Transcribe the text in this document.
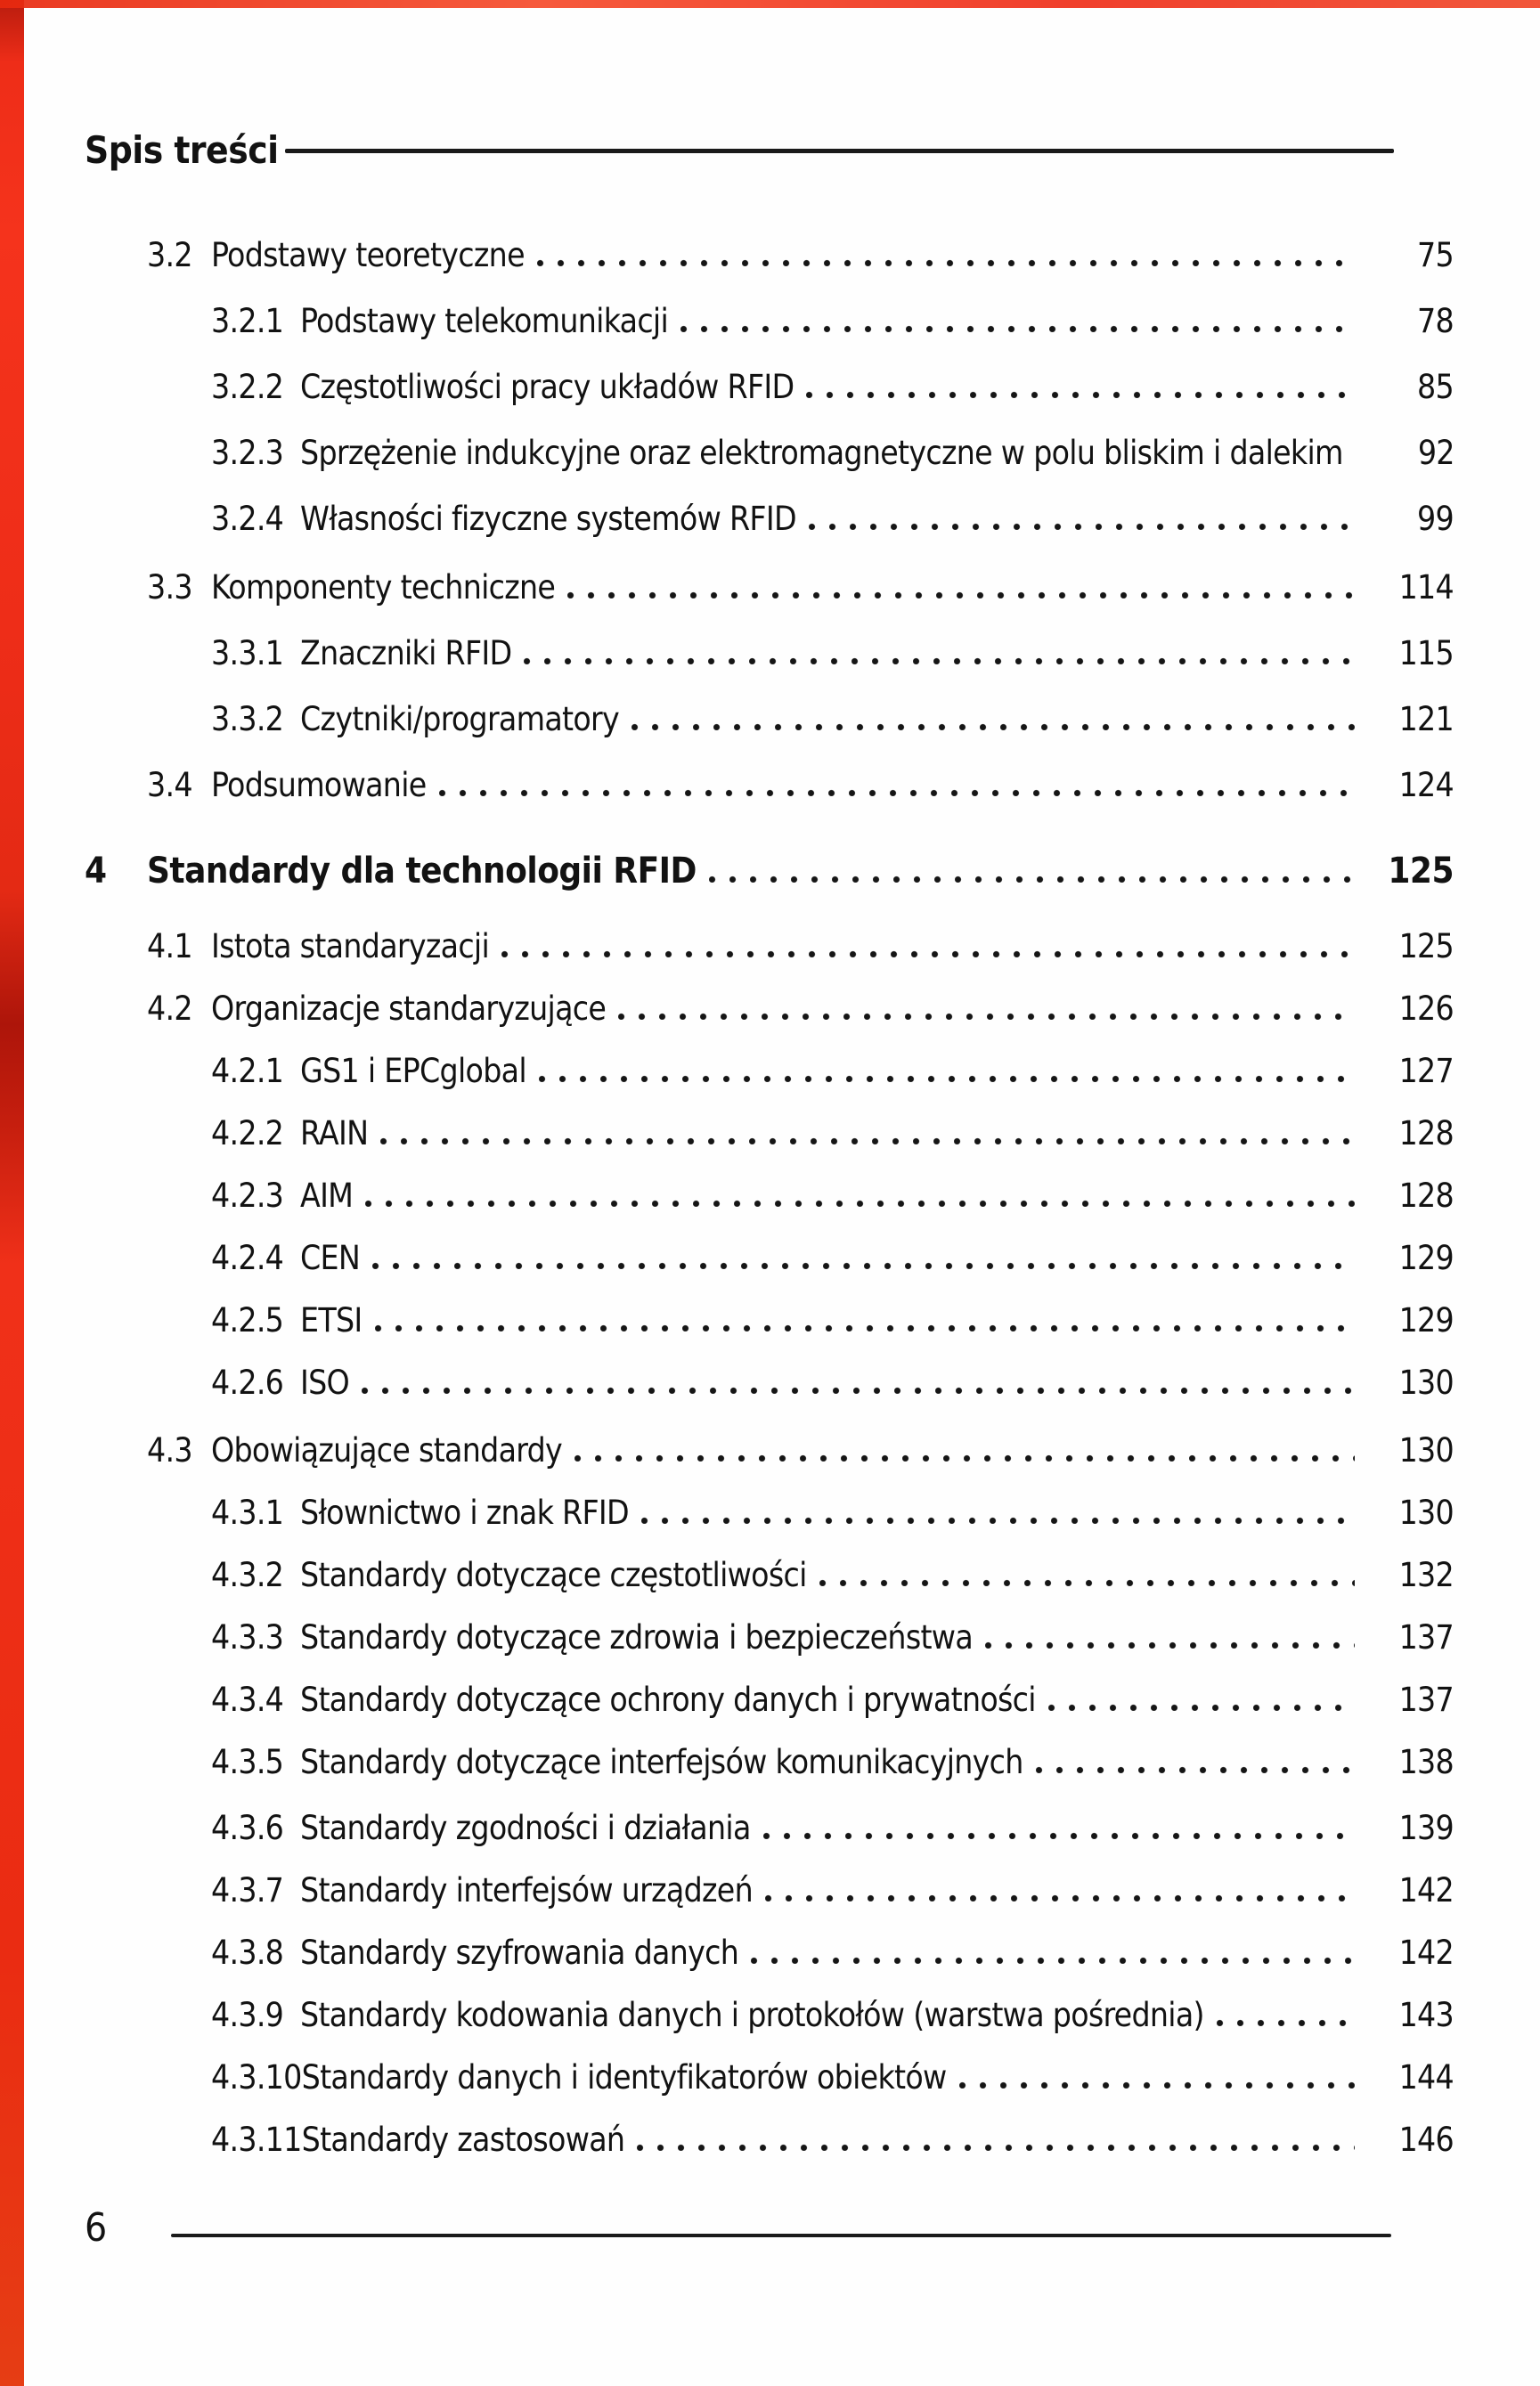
Spis treści
3.2 Podstawy teoretyczne	75
3.2.1 Podstawy telekomunikacji	78
3.2.2 Częstotliwości pracy układów RFID	85
3.2.3 Sprzężenie indukcyjne oraz elektromagnetyczne w polu bliskim i dalekim	92
3.2.4 Własności fizyczne systemów RFID	99
3.3 Komponenty techniczne	114
3.3.1 Znaczniki RFID	115
3.3.2 Czytniki/programatory	121
3.4 Podsumowanie	124
4	Standardy dla technologii RFID	125
4.1 Istota standaryzacji	125
4.2 Organizacje standaryzujące	126
4.2.1 GS1 i EPCglobal	127
4.2.2 RAIN	128
4.2.3 AIM	128
4.2.4 CEN	129
4.2.5 ETSI	129
4.2.6 ISO	130
4.3 Obowiązujące standardy	130
4.3.1 Słownictwo i znak RFID	130
4.3.2 Standardy dotyczące częstotliwości	132
4.3.3 Standardy dotyczące zdrowia i bezpieczeństwa	137
4.3.4 Standardy dotyczące ochrony danych i prywatności	137
4.3.5 Standardy dotyczące interfejsów komunikacyjnych	138
4.3.6 Standardy zgodności i działania	139
4.3.7 Standardy interfejsów urządzeń	142
4.3.8 Standardy szyfrowania danych	142
4.3.9 Standardy kodowania danych i protokołów (warstwa pośrednia)	143
4.3.10 Standardy danych i identyfikatorów obiektów	144
4.3.11 Standardy zastosowań	146
6
